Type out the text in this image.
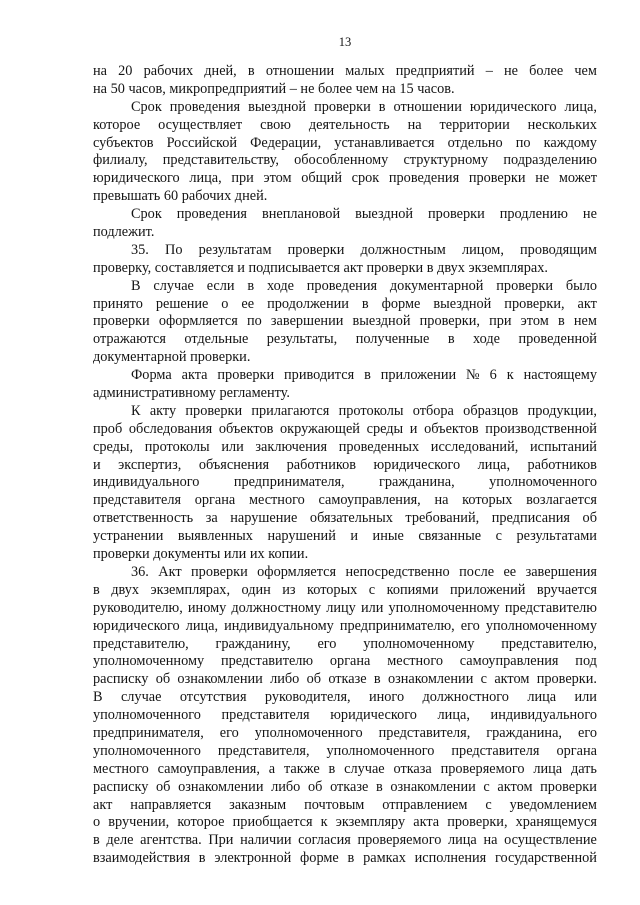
13
на 20 рабочих дней, в отношении малых предприятий – не более чем
на 50 часов, микропредприятий – не более чем на 15 часов.
Срок проведения выездной проверки в отношении юридического лица,
которое осуществляет свою деятельность на территории нескольких
субъектов Российской Федерации, устанавливается отдельно по каждому
филиалу, представительству, обособленному структурному подразделению
юридического лица, при этом общий срок проведения проверки не может
превышать 60 рабочих дней.
Срок проведения внеплановой выездной проверки продлению не
подлежит.
35. По результатам проверки должностным лицом, проводящим
проверку, составляется и подписывается акт проверки в двух экземплярах.
В случае если в ходе проведения документарной проверки было
принято решение о ее продолжении в форме выездной проверки, акт
проверки оформляется по завершении выездной проверки, при этом в нем
отражаются отдельные результаты, полученные в ходе проведенной
документарной проверки.
Форма акта проверки приводится в приложении № 6 к настоящему
административному регламенту.
К акту проверки прилагаются протоколы отбора образцов продукции,
проб обследования объектов окружающей среды и объектов производственной
среды, протоколы или заключения проведенных исследований, испытаний
и экспертиз, объяснения работников юридического лица, работников
индивидуального предпринимателя, гражданина, уполномоченного
представителя органа местного самоуправления, на которых возлагается
ответственность за нарушение обязательных требований, предписания об
устранении выявленных нарушений и иные связанные с результатами
проверки документы или их копии.
36. Акт проверки оформляется непосредственно после ее завершения
в двух экземплярах, один из которых с копиями приложений вручается
руководителю, иному должностному лицу или уполномоченному представителю
юридического лица, индивидуальному предпринимателю, его уполномоченному
представителю, гражданину, его уполномоченному представителю,
уполномоченному представителю органа местного самоуправления под
расписку об ознакомлении либо об отказе в ознакомлении с актом проверки.
В случае отсутствия руководителя, иного должностного лица или
уполномоченного представителя юридического лица, индивидуального
предпринимателя, его уполномоченного представителя, гражданина, его
уполномоченного представителя, уполномоченного представителя органа
местного самоуправления, а также в случае отказа проверяемого лица дать
расписку об ознакомлении либо об отказе в ознакомлении с актом проверки
акт направляется заказным почтовым отправлением с уведомлением
о вручении, которое приобщается к экземпляру акта проверки, хранящемуся
в деле агентства. При наличии согласия проверяемого лица на осуществление
взаимодействия в электронной форме в рамках исполнения государственной
